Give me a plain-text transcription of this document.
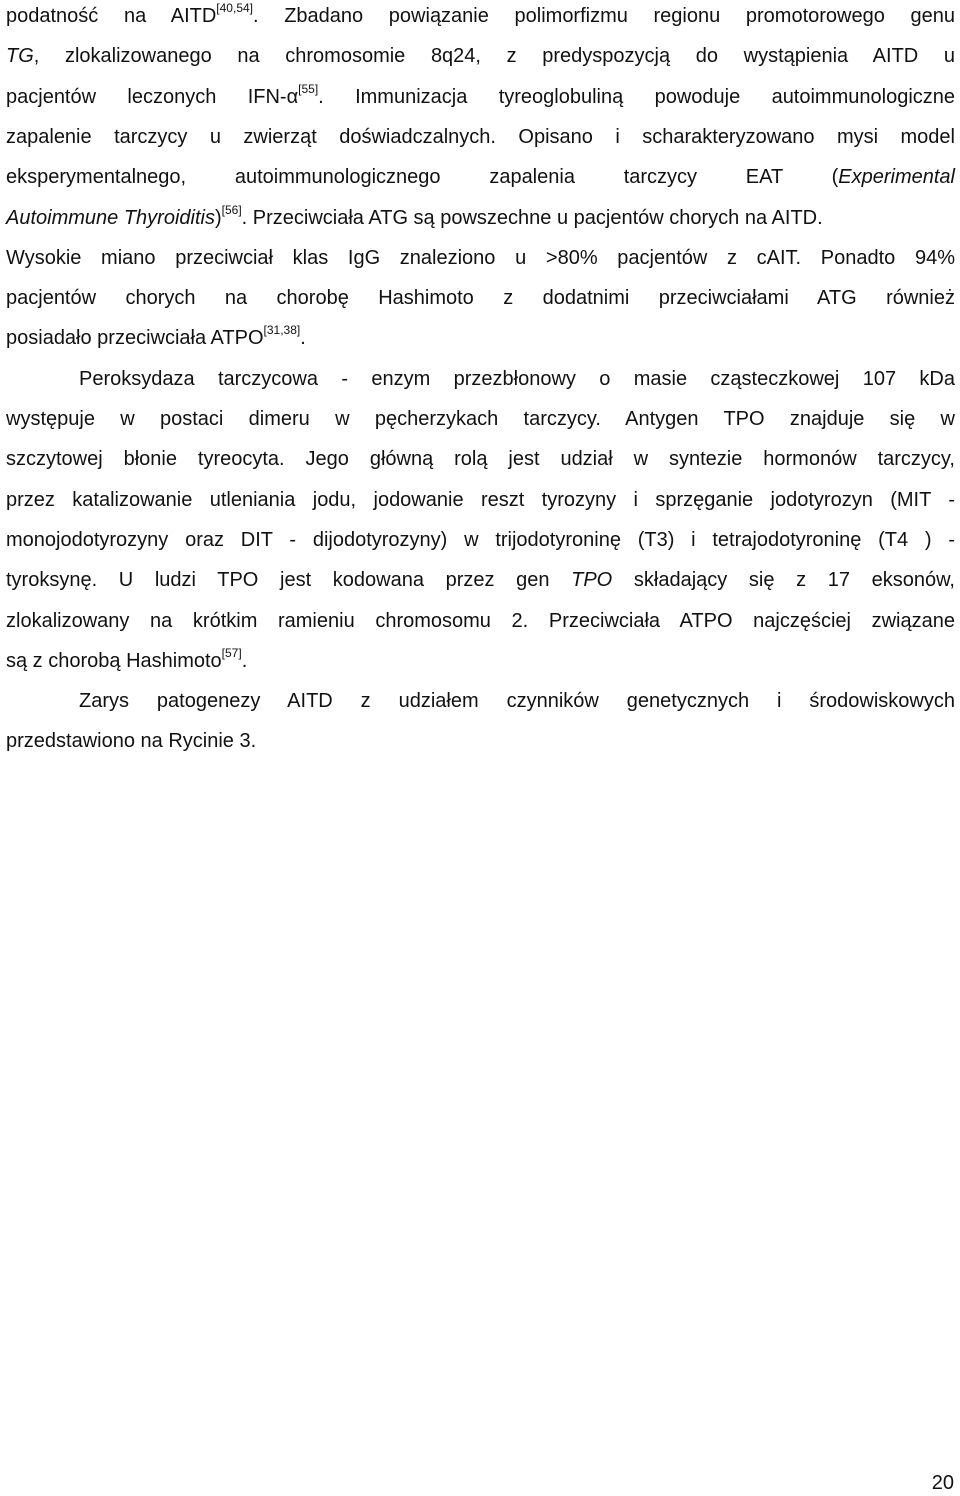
podatność na AITD[40,54]. Zbadano powiązanie polimorfizmu regionu promotorowego genu
TG, zlokalizowanego na chromosomie 8q24, z predyspozycją do wystąpienia AITD u
pacjentów leczonych IFN-α[55]. Immunizacja tyreoglobuliną powoduje autoimmunologiczne
zapalenie tarczycy u zwierząt doświadczalnych. Opisano i scharakteryzowano mysi model
eksperymentalnego, autoimmunologicznego zapalenia tarczycy EAT (Experimental
Autoimmune Thyroiditis)[56]. Przeciwciała ATG są powszechne u pacjentów chorych na AITD.
Wysokie miano przeciwciał klas IgG znaleziono u >80% pacjentów z cAIT. Ponadto 94%
pacjentów chorych na chorobę Hashimoto z dodatnimi przeciwciałami ATG również
posiadało przeciwciała ATPO[31,38].
Peroksydaza tarczycowa - enzym przezbłonowy o masie cząsteczkowej 107 kDa
występuje w postaci dimeru w pęcherzykach tarczycy. Antygen TPO znajduje się w
szczytowej błonie tyreocyta. Jego główną rolą jest udział w syntezie hormonów tarczycy,
przez katalizowanie utleniania jodu, jodowanie reszt tyrozyny i sprzęganie jodotyrozyn (MIT -
monojodotyrozyny oraz DIT - dijodotyrozyny) w trijodotyroninę (T3) i tetrajodotyroninę (T4 ) -
tyroksynę. U ludzi TPO jest kodowana przez gen TPO składający się z 17 eksonów,
zlokalizowany na krótkim ramieniu chromosomu 2. Przeciwciała ATPO najczęściej związane
są z chorobą Hashimoto[57].
Zarys patogenezy AITD z udziałem czynników genetycznych i środowiskowych
przedstawiono na Rycinie 3.
20
